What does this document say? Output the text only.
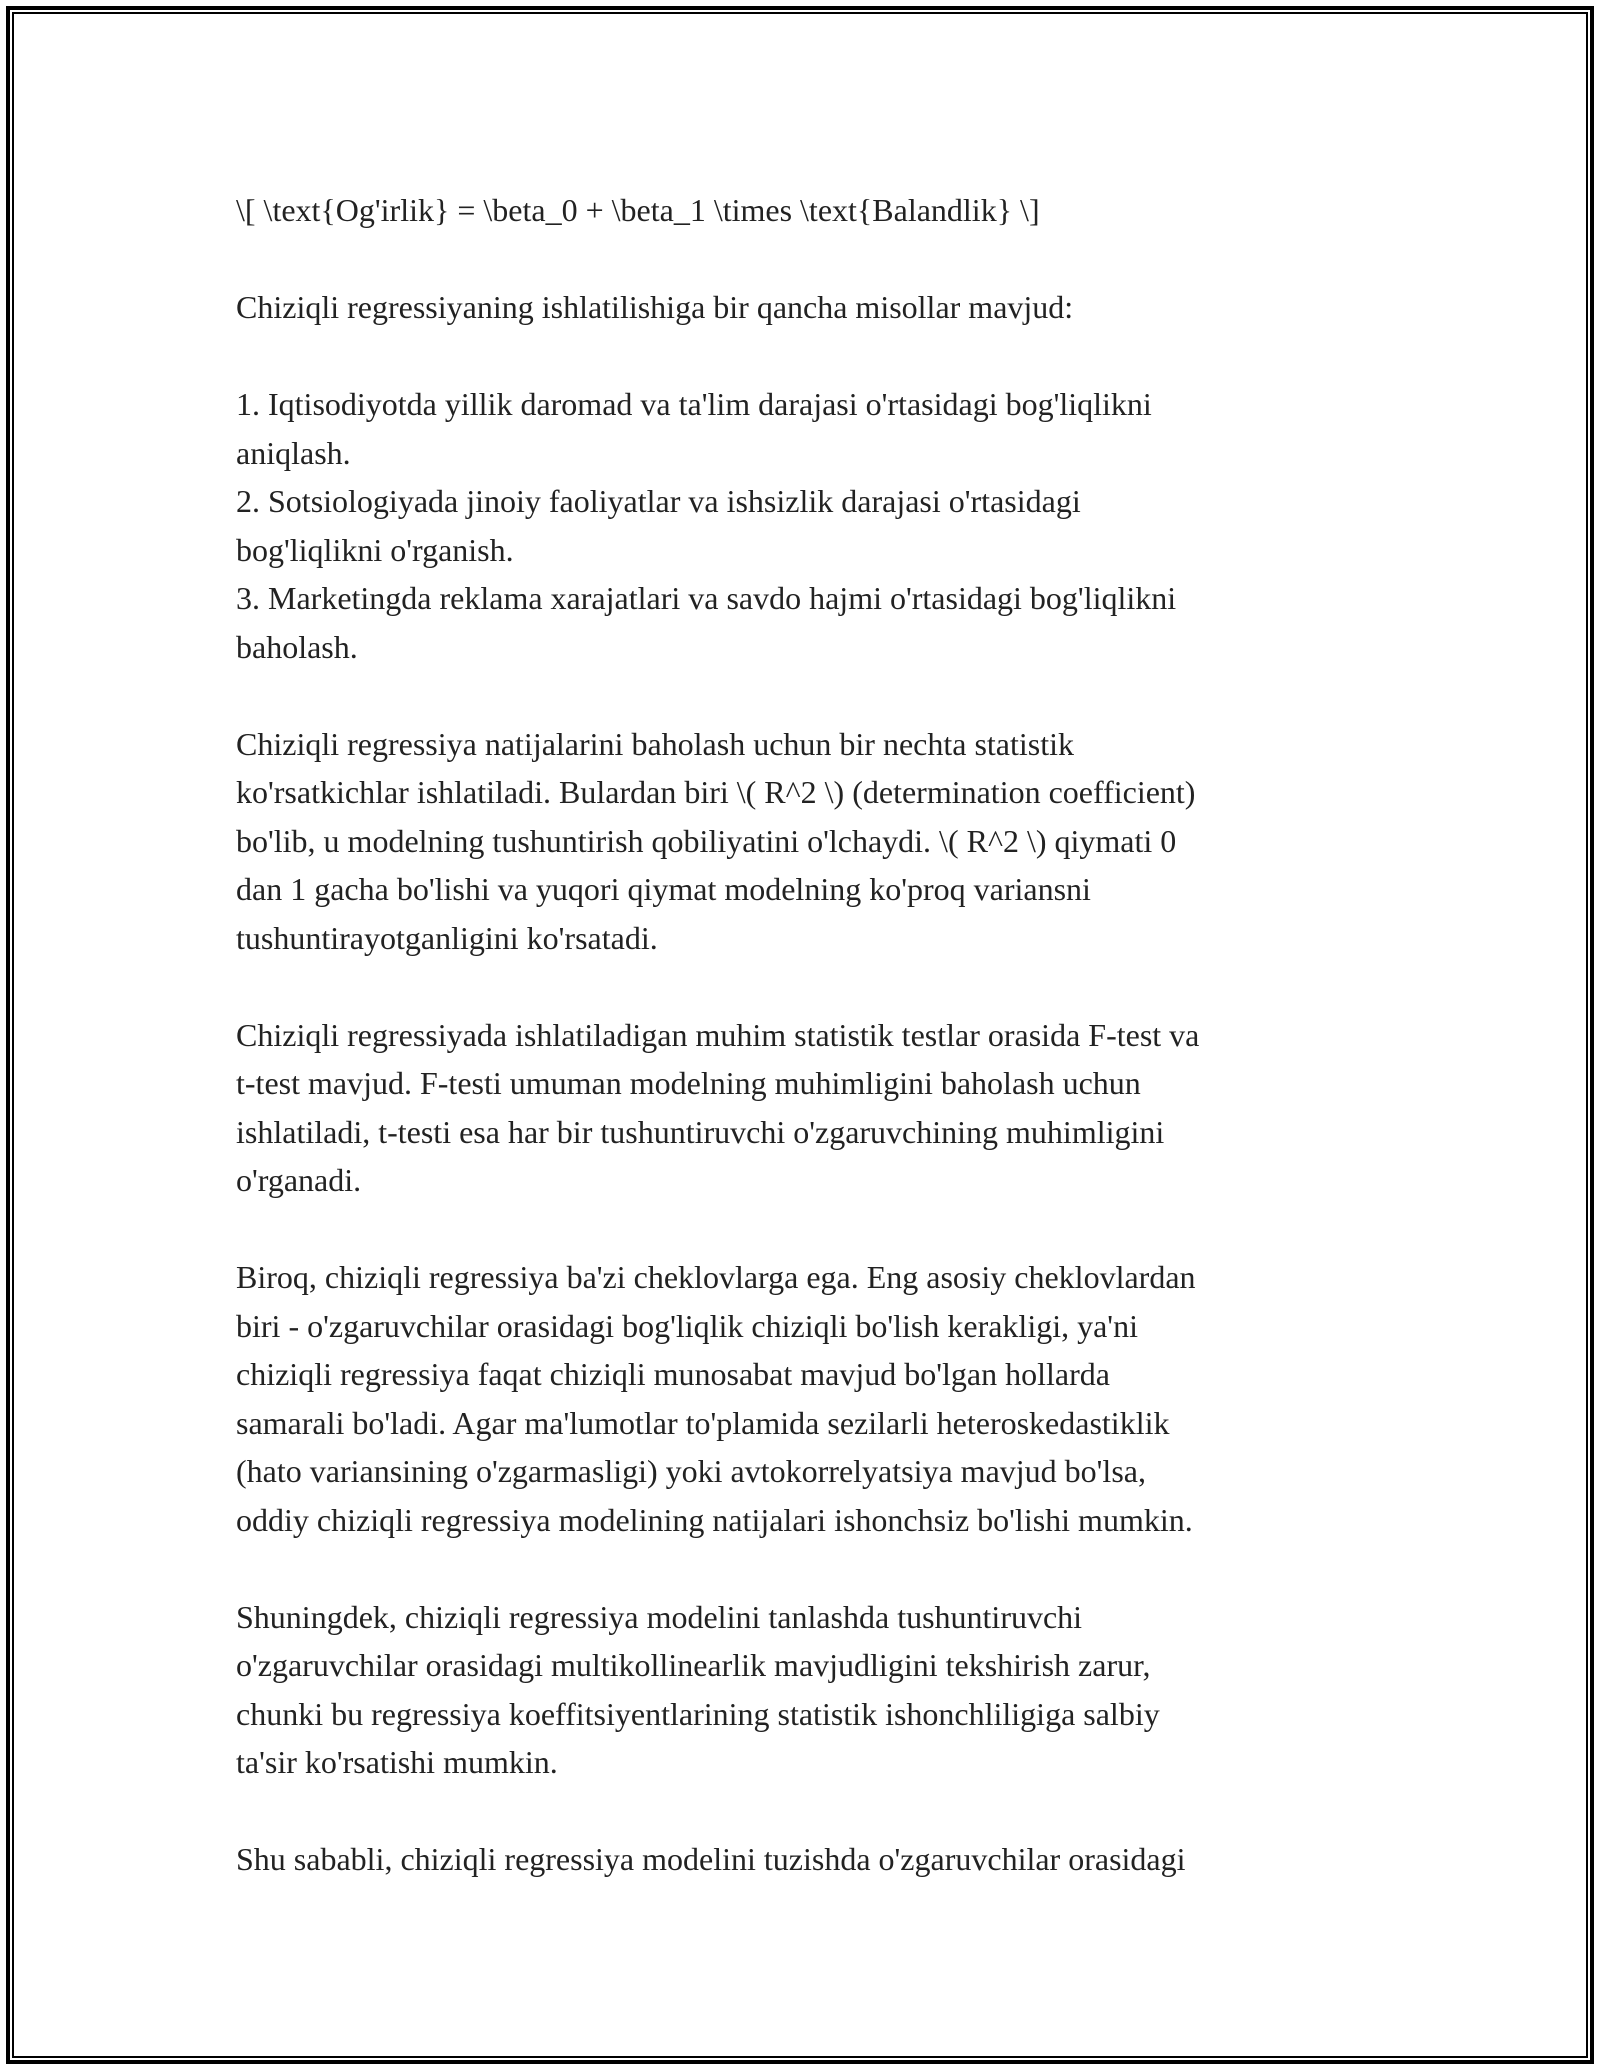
\[ \text{Og'irlik} = \beta_0 + \beta_1 \times \text{Balandlik} \]

Chiziqli regressiyaning ishlatilishiga bir qancha misollar mavjud:

1. Iqtisodiyotda yillik daromad va ta'lim darajasi o'rtasidagi bog'liqlikni
aniqlash.
2. Sotsiologiyada jinoiy faoliyatlar va ishsizlik darajasi o'rtasidagi
bog'liqlikni o'rganish.
3. Marketingda reklama xarajatlari va savdo hajmi o'rtasidagi bog'liqlikni
baholash.

Chiziqli regressiya natijalarini baholash uchun bir nechta statistik
ko'rsatkichlar ishlatiladi. Bulardan biri \( R^2 \) (determination coefficient)
bo'lib, u modelning tushuntirish qobiliyatini o'lchaydi. \( R^2 \) qiymati 0
dan 1 gacha bo'lishi va yuqori qiymat modelning ko'proq variansni
tushuntirayotganligini ko'rsatadi.

Chiziqli regressiyada ishlatiladigan muhim statistik testlar orasida F-test va
t-test mavjud. F-testi umuman modelning muhimligini baholash uchun
ishlatiladi, t-testi esa har bir tushuntiruvchi o'zgaruvchining muhimligini
o'rganadi.

Biroq, chiziqli regressiya ba'zi cheklovlarga ega. Eng asosiy cheklovlardan
biri - o'zgaruvchilar orasidagi bog'liqlik chiziqli bo'lish kerakligi, ya'ni
chiziqli regressiya faqat chiziqli munosabat mavjud bo'lgan hollarda
samarali bo'ladi. Agar ma'lumotlar to'plamida sezilarli heteroskedastiklik
(hato variansining o'zgarmasligi) yoki avtokorrelyatsiya mavjud bo'lsa,
oddiy chiziqli regressiya modelining natijalari ishonchsiz bo'lishi mumkin.

Shuningdek, chiziqli regressiya modelini tanlashda tushuntiruvchi
o'zgaruvchilar orasidagi multikollinearlik mavjudligini tekshirish zarur,
chunki bu regressiya koeffitsiyentlarining statistik ishonchliligiga salbiy
ta'sir ko'rsatishi mumkin.

Shu sababli, chiziqli regressiya modelini tuzishda o'zgaruvchilar orasidagi
